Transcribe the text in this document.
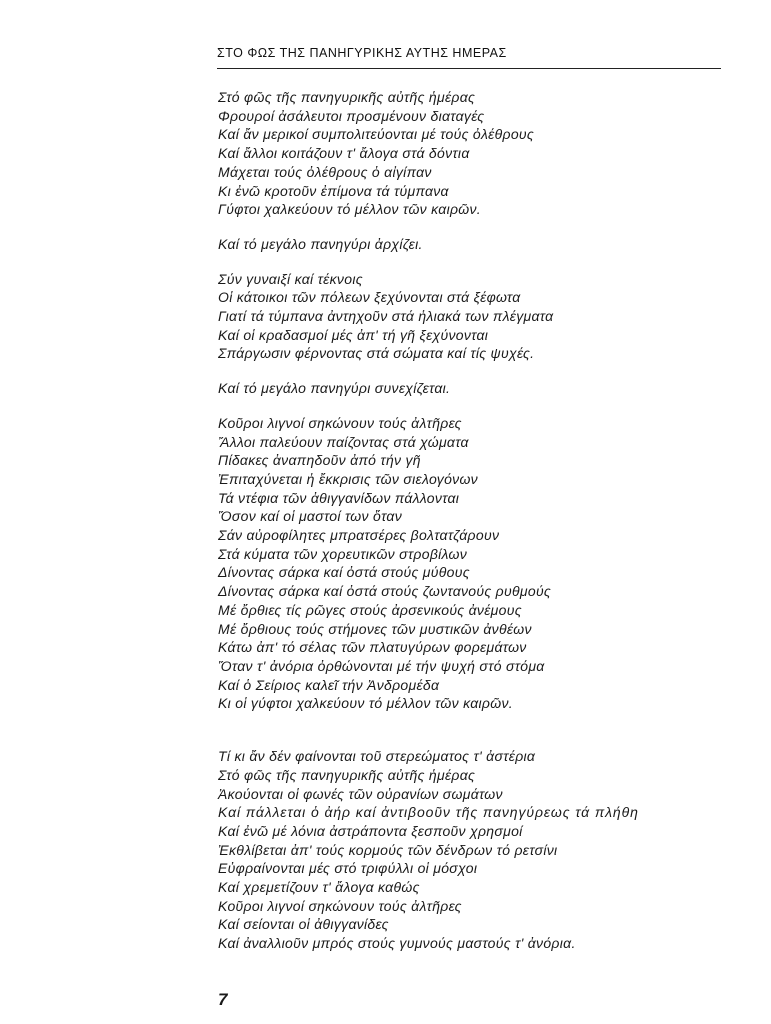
ΣΤΟ ΦΩΣ ΤΗΣ ΠΑΝΗΓΥΡΙΚΗΣ ΑΥΤΗΣ ΗΜΕΡΑΣ
Στό φῶς τῆς πανηγυρικῆς αὐτῆς ἡμέρας
Φρουροί ἀσάλευτοι προσμένουν διαταγές
Καί ἄν μερικοί συμπολιτεύονται μέ τούς ὀλέθρους
Καί ἄλλοι κοιτάζουν τ' ἄλογα στά δόντια
Μάχεται τούς ὀλέθρους ὁ αἰγίπαν
Κι ἐνῶ κροτοῦν ἐπίμονα τά τύμπανα
Γύφτοι χαλκεύουν τό μέλλον τῶν καιρῶν.
Καί τό μεγάλο πανηγύρι ἀρχίζει.
Σύν γυναιξί καί τέκνοις
Οἱ κάτοικοι τῶν πόλεων ξεχύνονται στά ξέφωτα
Γιατί τά τύμπανα ἀντηχοῦν στά ἡλιακά των πλέγματα
Καί οἱ κραδασμοί μές ἀπ' τή γῆ ξεχύνονται
Σπάργωσιν φέρνοντας στά σώματα καί τίς ψυχές.
Καί τό μεγάλο πανηγύρι συνεχίζεται.
Κοῦροι λιγνοί σηκώνουν τούς ἀλτῆρες
Ἄλλοι παλεύουν παίζοντας στά χώματα
Πίδακες ἀναπηδοῦν ἀπό τήν γῆ
Ἐπιταχύνεται ἡ ἔκκρισις τῶν σιελογόνων
Τά ντέφια τῶν ἀθιγγανίδων πάλλονται
Ὅσον καί οἱ μαστοί των ὅταν
Σάν αὐροφίλητες μπρατσέρες βολτατζάρουν
Στά κύματα τῶν χορευτικῶν στροβίλων
Δίνοντας σάρκα καί ὀστά στούς μύθους
Δίνοντας σάρκα καί ὀστά στούς ζωντανούς ρυθμούς
Μέ ὄρθιες τίς ρῶγες στούς ἀρσενικούς ἀνέμους
Μέ ὄρθιους τούς στήμονες τῶν μυστικῶν ἀνθέων
Κάτω ἀπ' τό σέλας τῶν πλατυγύρων φορεμάτων
Ὅταν τ' ἀνόρια ὀρθώνονται μέ τήν ψυχή στό στόμα
Καί ὁ Σείριος καλεῖ τήν Ἀνδρομέδα
Κι οἱ γύφτοι χαλκεύουν τό μέλλον τῶν καιρῶν.
Τί κι ἄν δέν φαίνονται τοῦ στερεώματος τ' ἀστέρια
Στό φῶς τῆς πανηγυρικῆς αὐτῆς ἡμέρας
Ἀκούονται οἱ φωνές τῶν οὐρανίων σωμάτων
Καί πάλλεται ὁ ἀήρ καί ἀντιβοοῦν τῆς πανηγύρεως τά πλήθη
Καί ἐνῶ μέ λόνια ἀστράποντα ξεσποῦν χρησμοί
Ἐκθλίβεται ἀπ' τούς κορμούς τῶν δένδρων τό ρετσίνι
Εὐφραίνονται μές στό τριφύλλι οἱ μόσχοι
Καί χρεμετίζουν τ' ἄλογα καθώς
Κοῦροι λιγνοί σηκώνουν τούς ἀλτῆρες
Καί σείονται οἱ ἀθιγγανίδες
Καί ἀναλλιοῦν μπρός στούς γυμνούς μαστούς τ' ἀνόρια.
7
